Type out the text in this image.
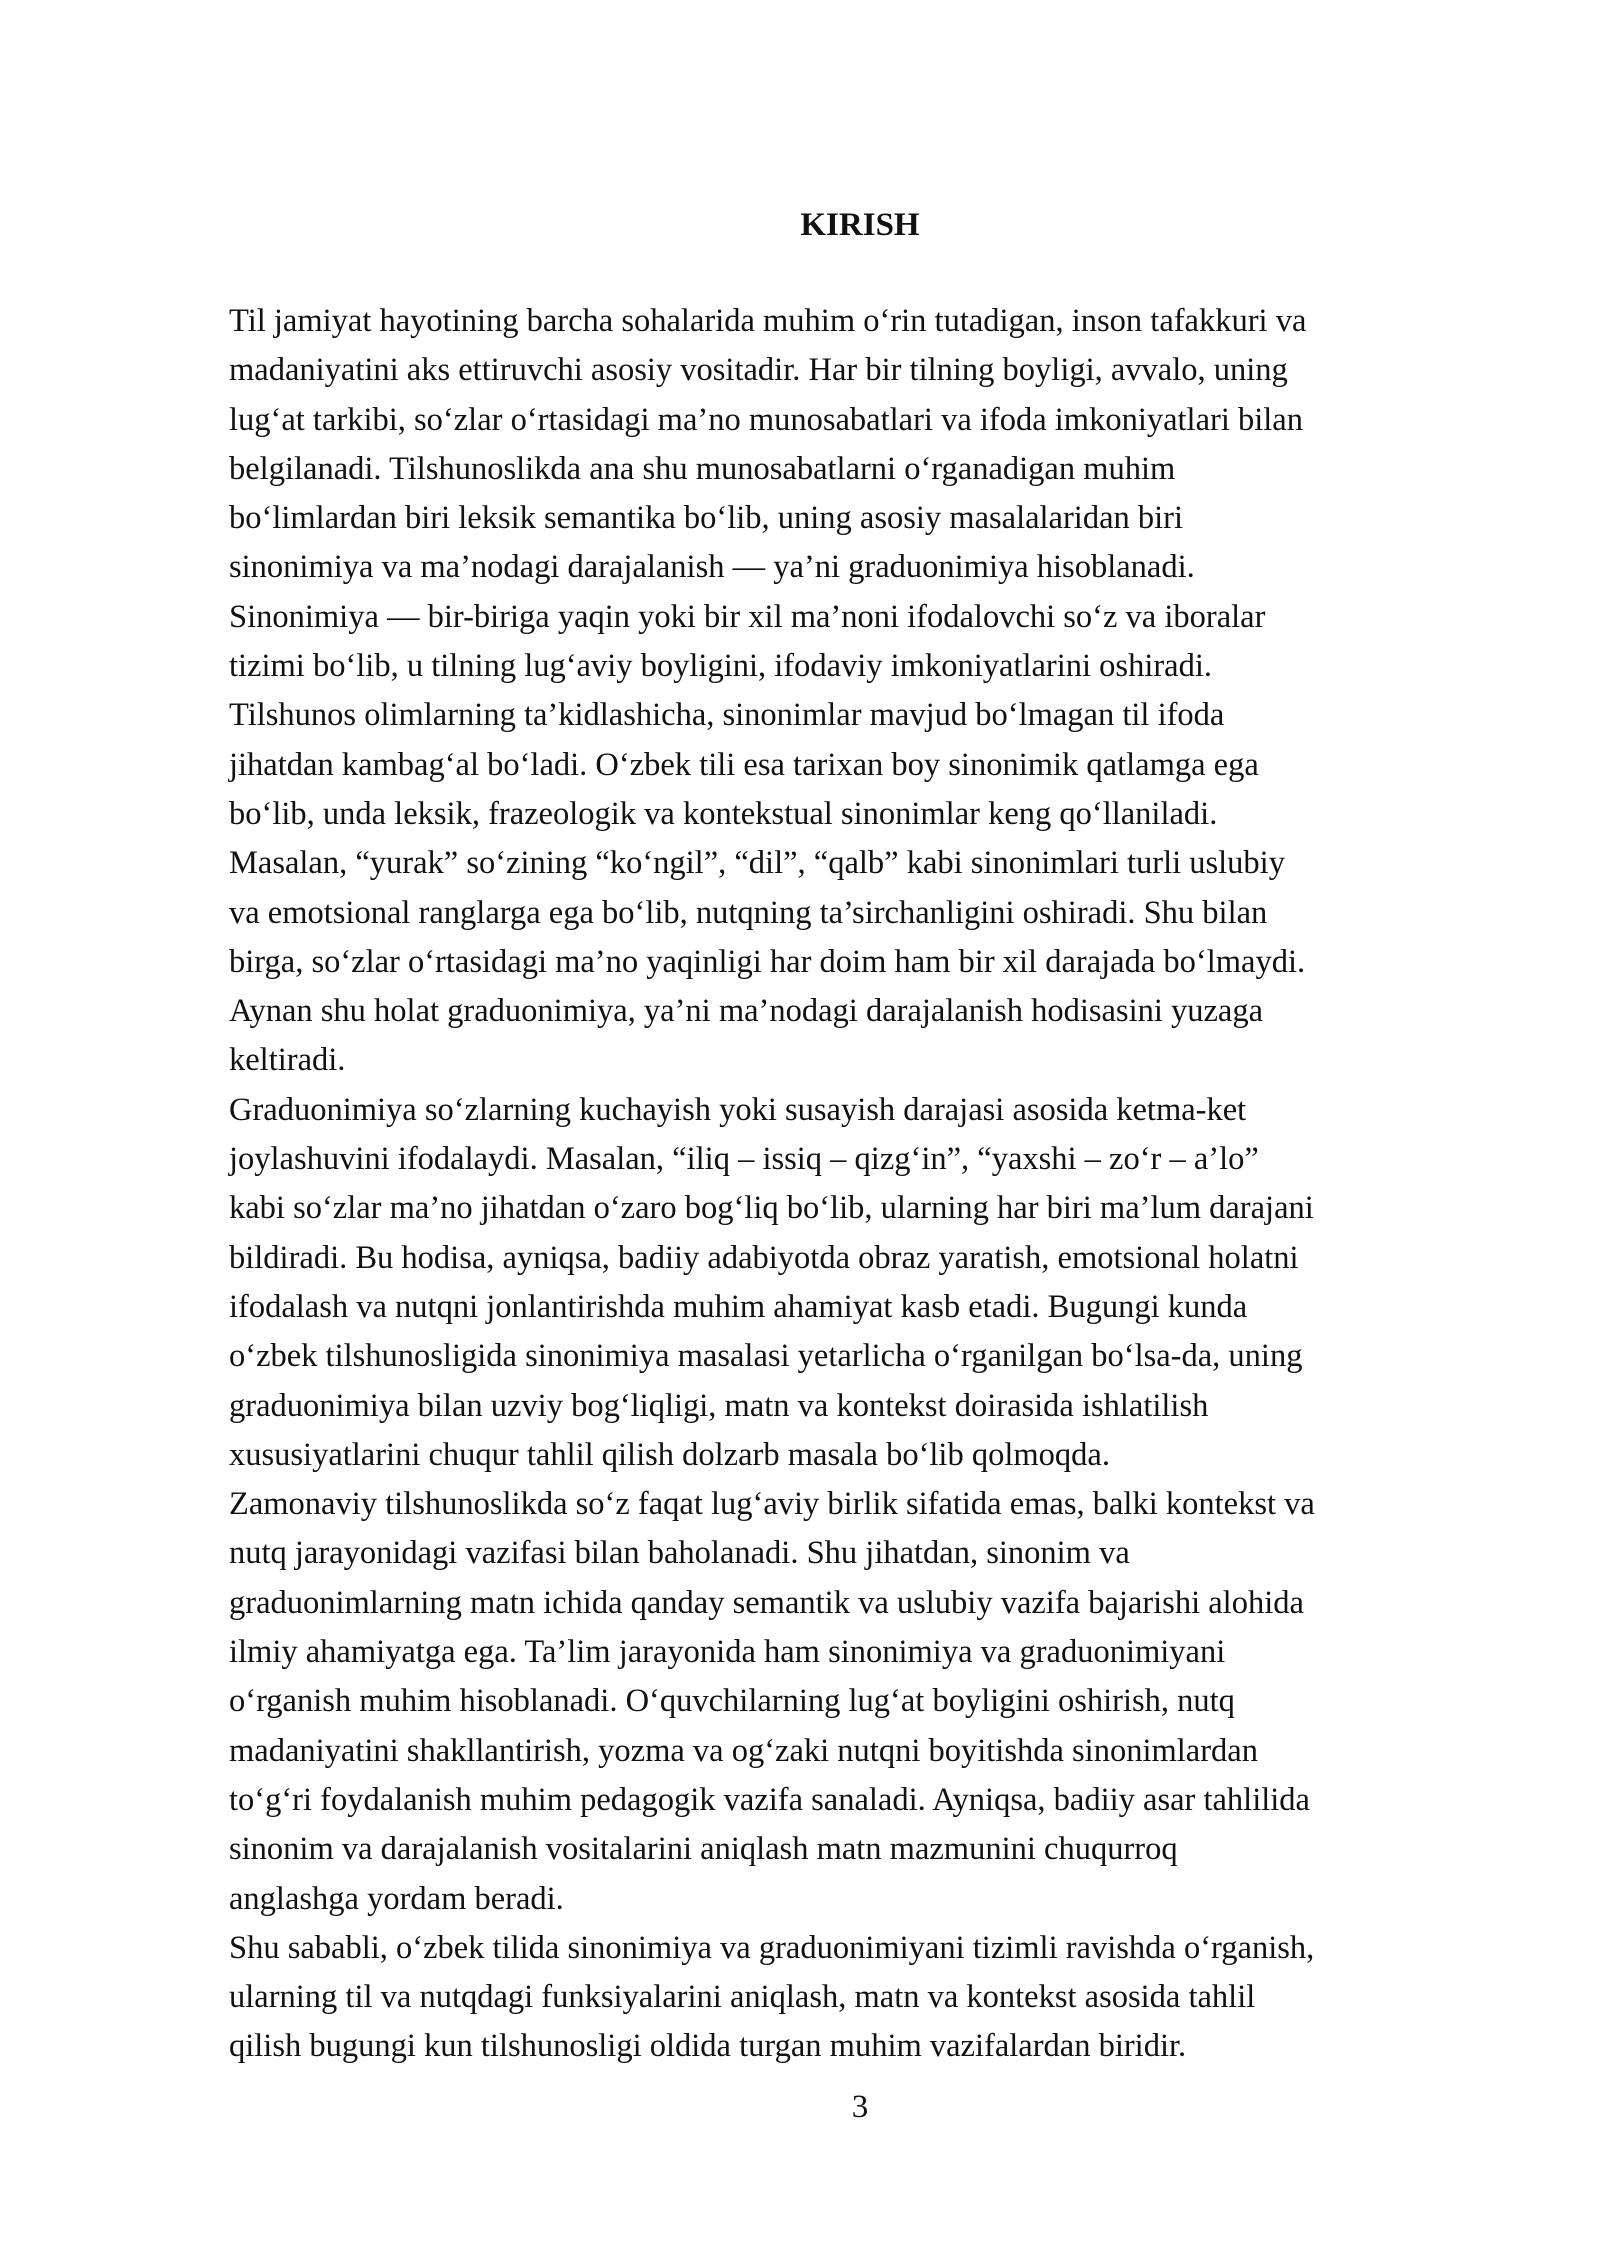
KIRISH
Til jamiyat hayotining barcha sohalarida muhim o‘rin tutadigan, inson tafakkuri va
madaniyatini aks ettiruvchi asosiy vositadir. Har bir tilning boyligi, avvalo, uning
lug‘at tarkibi, so‘zlar o‘rtasidagi ma’no munosabatlari va ifoda imkoniyatlari bilan
belgilanadi. Tilshunoslikda ana shu munosabatlarni o‘rganadigan muhim
bo‘limlardan biri leksik semantika bo‘lib, uning asosiy masalalaridan biri
sinonimiya va ma’nodagi darajalanish — ya’ni graduonimiya hisoblanadi.
Sinonimiya — bir-biriga yaqin yoki bir xil ma’noni ifodalovchi so‘z va iboralar
tizimi bo‘lib, u tilning lug‘aviy boyligini, ifodaviy imkoniyatlarini oshiradi.
Tilshunos olimlarning ta’kidlashicha, sinonimlar mavjud bo‘lmagan til ifoda
jihatdan kambag‘al bo‘ladi. O‘zbek tili esa tarixan boy sinonimik qatlamga ega
bo‘lib, unda leksik, frazeologik va kontekstual sinonimlar keng qo‘llaniladi.
Masalan, “yurak” so‘zining “ko‘ngil”, “dil”, “qalb” kabi sinonimlari turli uslubiy
va emotsional ranglarga ega bo‘lib, nutqning ta’sirchanligini oshiradi. Shu bilan
birga, so‘zlar o‘rtasidagi ma’no yaqinligi har doim ham bir xil darajada bo‘lmaydi.
Aynan shu holat graduonimiya, ya’ni ma’nodagi darajalanish hodisasini yuzaga
keltiradi.
Graduonimiya so‘zlarning kuchayish yoki susayish darajasi asosida ketma-ket
joylashuvini ifodalaydi. Masalan, “iliq – issiq – qizg‘in”, “yaxshi – zo‘r – a’lo”
kabi so‘zlar ma’no jihatdan o‘zaro bog‘liq bo‘lib, ularning har biri ma’lum darajani
bildiradi. Bu hodisa, ayniqsa, badiiy adabiyotda obraz yaratish, emotsional holatni
ifodalash va nutqni jonlantirishda muhim ahamiyat kasb etadi. Bugungi kunda
o‘zbek tilshunosligida sinonimiya masalasi yetarlicha o‘rganilgan bo‘lsa-da, uning
graduonimiya bilan uzviy bog‘liqligi, matn va kontekst doirasida ishlatilish
xususiyatlarini chuqur tahlil qilish dolzarb masala bo‘lib qolmoqda.
Zamonaviy tilshunoslikda so‘z faqat lug‘aviy birlik sifatida emas, balki kontekst va
nutq jarayonidagi vazifasi bilan baholanadi. Shu jihatdan, sinonim va
graduonimlarning matn ichida qanday semantik va uslubiy vazifa bajarishi alohida
ilmiy ahamiyatga ega. Ta’lim jarayonida ham sinonimiya va graduonimiyani
o‘rganish muhim hisoblanadi. O‘quvchilarning lug‘at boyligini oshirish, nutq
madaniyatini shakllantirish, yozma va og‘zaki nutqni boyitishda sinonimlardan
to‘g‘ri foydalanish muhim pedagogik vazifa sanaladi. Ayniqsa, badiiy asar tahlilida
sinonim va darajalanish vositalarini aniqlash matn mazmunini chuqurroq
anglashga yordam beradi.
Shu sababli, o‘zbek tilida sinonimiya va graduonimiyani tizimli ravishda o‘rganish,
ularning til va nutqdagi funksiyalarini aniqlash, matn va kontekst asosida tahlil
qilish bugungi kun tilshunosligi oldida turgan muhim vazifalardan biridir.
3
